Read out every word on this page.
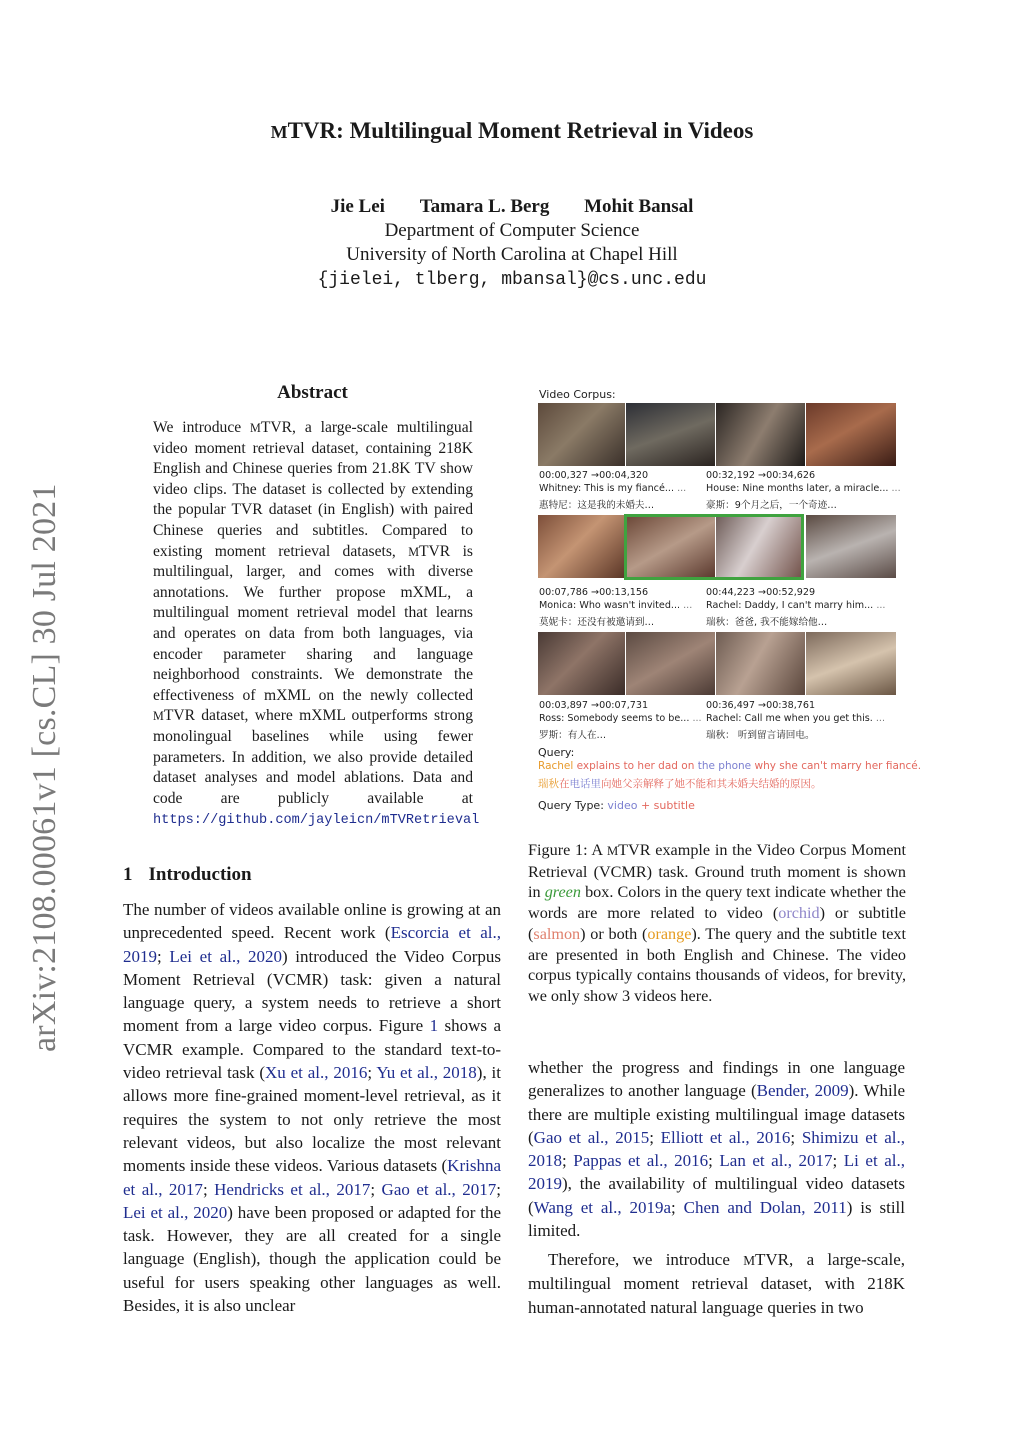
arXiv:2108.00061v1 [cs.CL] 30 Jul 2021
MTVR: Multilingual Moment Retrieval in Videos
Jie Lei Tamara L. Berg Mohit Bansal
Department of Computer Science
University of North Carolina at Chapel Hill
{jielei, tlberg, mbansal}@cs.unc.edu
Abstract
We introduce MTVR, a large-scale multilingual video moment retrieval dataset, containing 218K English and Chinese queries from 21.8K TV show video clips. The dataset is collected by extending the popular TVR dataset (in English) with paired Chinese queries and subtitles. Compared to existing moment retrieval datasets, MTVR is multilingual, larger, and comes with diverse annotations. We further propose mXML, a multilingual moment retrieval model that learns and operates on data from both languages, via encoder parameter sharing and language neighborhood constraints. We demonstrate the effectiveness of mXML on the newly collected MTVR dataset, where mXML outperforms strong monolingual baselines while using fewer parameters. In addition, we also provide detailed dataset analyses and model ablations. Data and code are publicly available at https://github.com/jayleicn/mTVRetrieval
1 Introduction
The number of videos available online is growing at an unprecedented speed. Recent work (Escorcia et al., 2019; Lei et al., 2020) introduced the Video Corpus Moment Retrieval (VCMR) task: given a natural language query, a system needs to retrieve a short moment from a large video corpus. Figure 1 shows a VCMR example. Compared to the standard text-to-video retrieval task (Xu et al., 2016; Yu et al., 2018), it allows more fine-grained moment-level retrieval, as it requires the system to not only retrieve the most relevant videos, but also localize the most relevant moments inside these videos. Various datasets (Krishna et al., 2017; Hendricks et al., 2017; Gao et al., 2017; Lei et al., 2020) have been proposed or adapted for the task. However, they are all created for a single language (English), though the application could be useful for users speaking other languages as well. Besides, it is also unclear
Video Corpus:
00:00,327 →00:04,320
Whitney: This is my fiancé... ...
惠特尼：这是我的未婚夫…
00:32,192 →00:34,626
House: Nine months later, a miracle... ...
豪斯：9个月之后，一个奇迹…
00:07,786 →00:13,156
Monica: Who wasn't invited... ...
莫妮卡：还没有被邀请到…
00:44,223 →00:52,929
Rachel: Daddy, I can't marry him... ...
瑞秋：爸爸, 我不能嫁给他…
00:03,897 →00:07,731
Ross: Somebody seems to be... ...
罗斯：有人在…
00:36,497 →00:38,761
Rachel: Call me when you get this. ...
瑞秋： 听到留言请回电。
Query:
Rachel explains to her dad on the phone why she can't marry her fiancé.
瑞秋在电话里向她父亲解释了她不能和其未婚夫结婚的原因。
Query Type: video + subtitle
Figure 1: A MTVR example in the Video Corpus Moment Retrieval (VCMR) task. Ground truth moment is shown in green box. Colors in the query text indicate whether the words are more related to video (orchid) or subtitle (salmon) or both (orange). The query and the subtitle text are presented in both English and Chinese. The video corpus typically contains thousands of videos, for brevity, we only show 3 videos here.
whether the progress and findings in one language generalizes to another language (Bender, 2009). While there are multiple existing multilingual image datasets (Gao et al., 2015; Elliott et al., 2016; Shimizu et al., 2018; Pappas et al., 2016; Lan et al., 2017; Li et al., 2019), the availability of multilingual video datasets (Wang et al., 2019a; Chen and Dolan, 2011) is still limited.
Therefore, we introduce MTVR, a large-scale, multilingual moment retrieval dataset, with 218K human-annotated natural language queries in two
